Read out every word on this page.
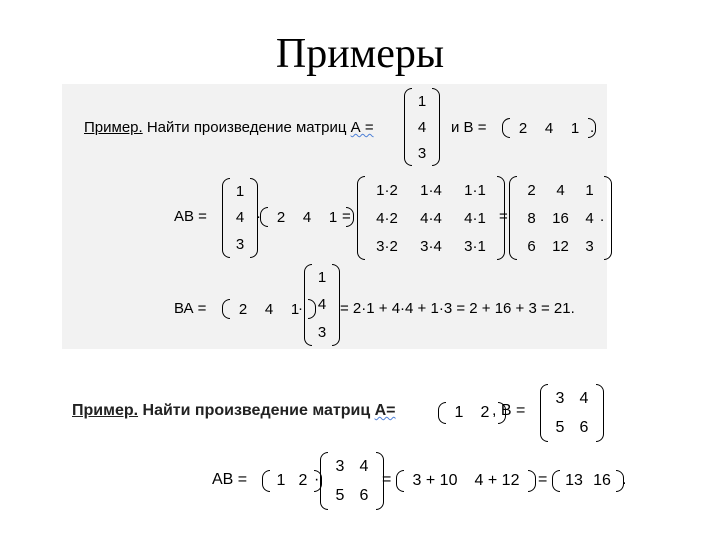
Примеры
Пример. Найти произведение матриц А =
1
4
3
и В = 2 4 1 .
АВ =
1
4
3
· 2 4 1 =
1·2 1·4 1·1
4·2 4·4 4·1
3·2 3·4 3·1
=
2 4 1
8 16 4
6 12 3
.
ВА = 2 4 1
·
1
4
3
= 2·1 + 4·4 + 1·3 = 2 + 16 + 3 = 21.
Пример. Найти произведение матриц А=	1 2 , В =
3 4
5 6
АВ = 1 2 ·
3 4
5 6
= 3 + 10 4 + 12 = 13 16 .
